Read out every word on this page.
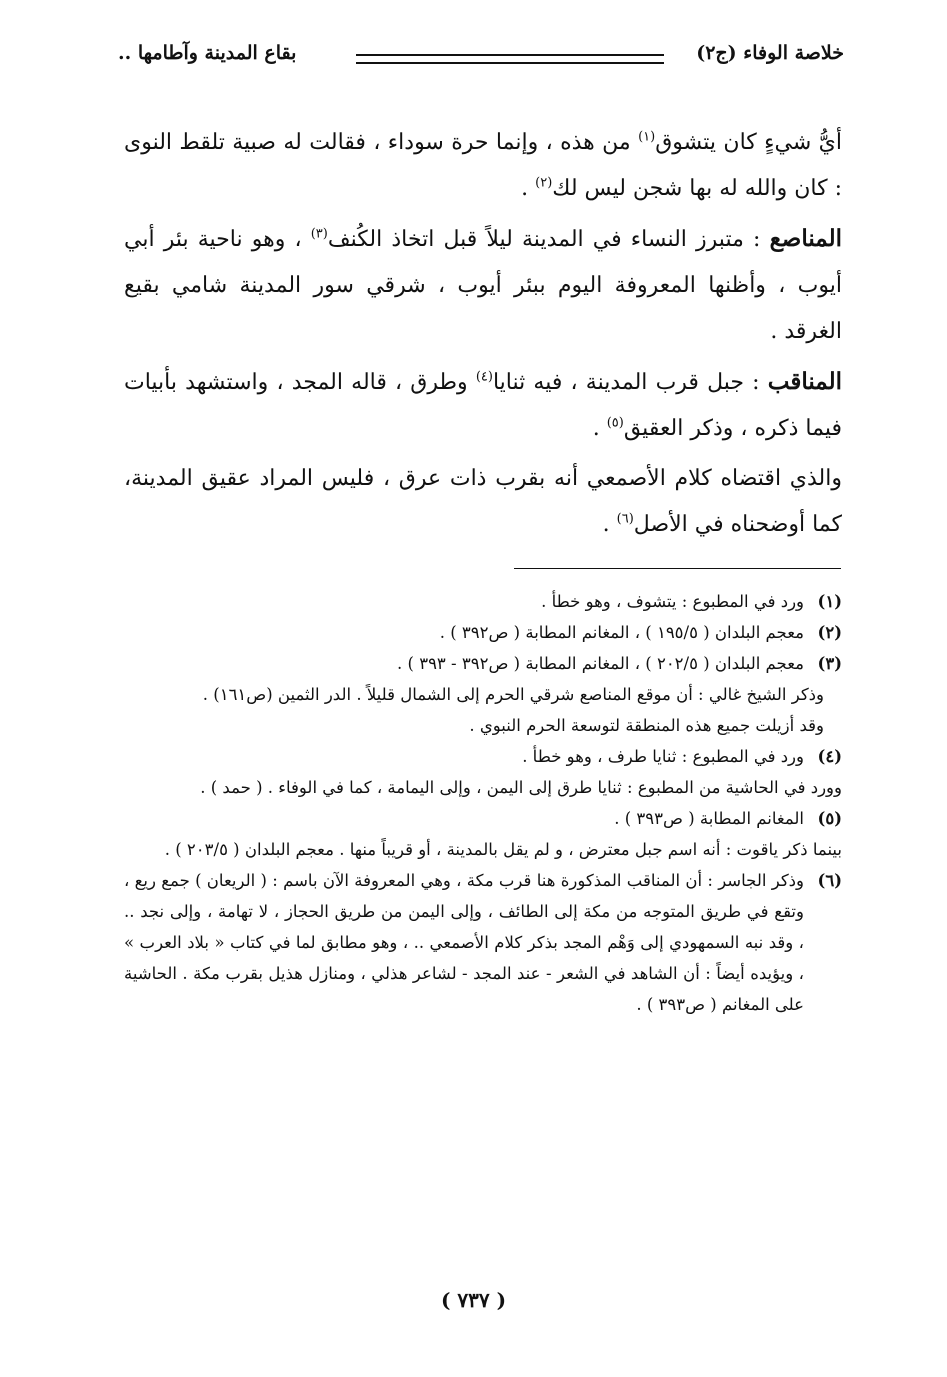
خلاصة الوفاء (ج٢)
بقاع المدينة وآطامها ..

أيُّ شيءٍ كان يتشوق$^{(١)}$ من هذه ، وإنما حرة سوداء ، فقالت له صبية تلقط النوى : كان والله له بها شجن ليس لك$^{(٢)}$ .

المناصع : متبرز النساء في المدينة ليلاً قبل اتخاذ الكُنف$^{(٣)}$ ، وهو ناحية بئر أبي أيوب ، وأظنها المعروفة اليوم ببئر أيوب ، شرقي سور المدينة شامي بقيع الغرقد .

المناقب : جبل قرب المدينة ، فيه ثنايا$^{(٤)}$ وطرق ، قاله المجد ، واستشهد بأبيات فيما ذكره ، وذكر العقيق$^{(٥)}$ .

والذي اقتضاه كلام الأصمعي أنه بقرب ذات عرق ، فليس المراد عقيق المدينة، كما أوضحناه في الأصل$^{(٦)}$ .

(١)
ورد في المطبوع : يتشوف ، وهو خطأ .
(٢)
معجم البلدان ( ١٩٥/٥ ) ، المغانم المطابة ( ص٣٩٢ ) .
(٣)
معجم البلدان ( ٢٠٢/٥ ) ، المغانم المطابة ( ص٣٩٢ - ٣٩٣ ) .
وذكر الشيخ غالي : أن موقع المناصع شرقي الحرم إلى الشمال قليلاً . الدر الثمين (ص١٦١) .
وقد أزيلت جميع هذه المنطقة لتوسعة الحرم النبوي .
(٤)
ورد في المطبوع : ثنايا طرف ، وهو خطأ .
وورد في الحاشية من المطبوع : ثنايا طرق إلى اليمن ، وإلى اليمامة ، كما في الوفاء . ( حمد ) .
(٥)
المغانم المطابة ( ص٣٩٣ ) .
بينما ذكر ياقوت : أنه اسم جبل معترض ، و لم يقل بالمدينة ، أو قريباً منها . معجم البلدان ( ٢٠٣/٥ ) .
(٦)
وذكر الجاسر : أن المناقب المذكورة هنا قرب مكة ، وهي المعروفة الآن باسم : ( الريعان ) جمع ريع ، وتقع في طريق المتوجه من مكة إلى الطائف ، وإلى اليمن من طريق الحجاز ، لا تهامة ، وإلى نجد .. ، وقد نبه السمهودي إلى وَهْم المجد بذكر كلام الأصمعي .. ، وهو مطابق لما في كتاب « بلاد العرب » ، ويؤيده أيضاً : أن الشاهد في الشعر - عند المجد - لشاعر هذلي ، ومنازل هذيل بقرب مكة . الحاشية على المغانم ( ص٣٩٣ ) .
( ٧٣٧ )
